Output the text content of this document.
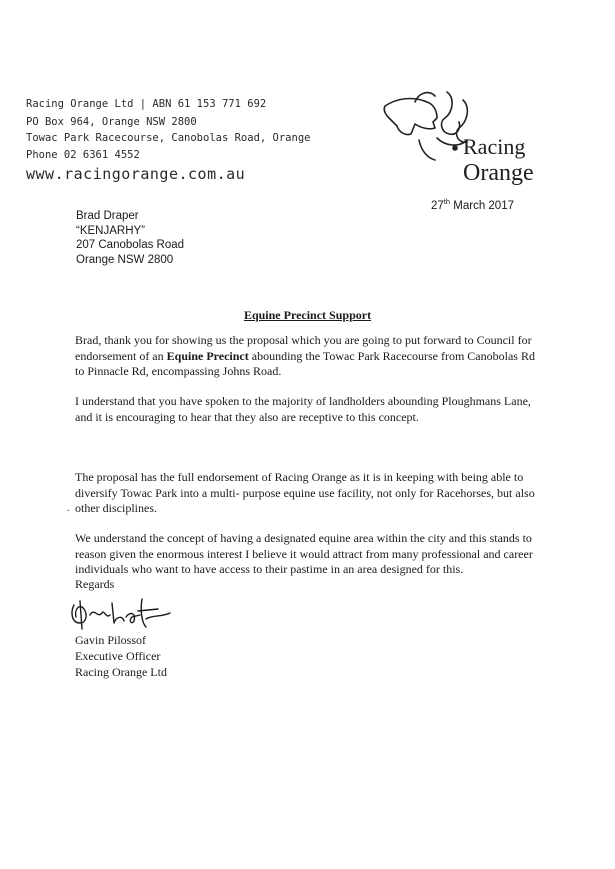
Racing Orange Ltd | ABN 61 153 771 692
PO Box 964, Orange NSW 2800
Towac Park Racecourse, Canobolas Road, Orange
Phone 02 6361 4552
www.racingorange.com.au
Racing
Orange
27th March 2017
Brad Draper
“KENJARHY”
207 Canobolas Road
Orange NSW 2800
Equine Precinct Support
Brad, thank you for showing us the proposal which you are going to put forward to Council for endorsement of an Equine Precinct abounding the Towac Park Racecourse from Canobolas Rd to Pinnacle Rd, encompassing Johns Road.
I understand that you have spoken to the majority of landholders abounding Ploughmans Lane, and it is encouraging to hear that they also are receptive to this concept.
The proposal has the full endorsement of Racing Orange as it is in keeping with being able to diversify Towac Park into a multi- purpose equine use facility, not only for Racehorses, but also other disciplines.
.
We understand the concept of having a designated equine area within the city and this stands to reason given the enormous interest I believe it would attract from many professional and career individuals who want to have access to their pastime in an area designed for this.
Regards
Gavin Pilossof
Executive Officer
Racing Orange Ltd
